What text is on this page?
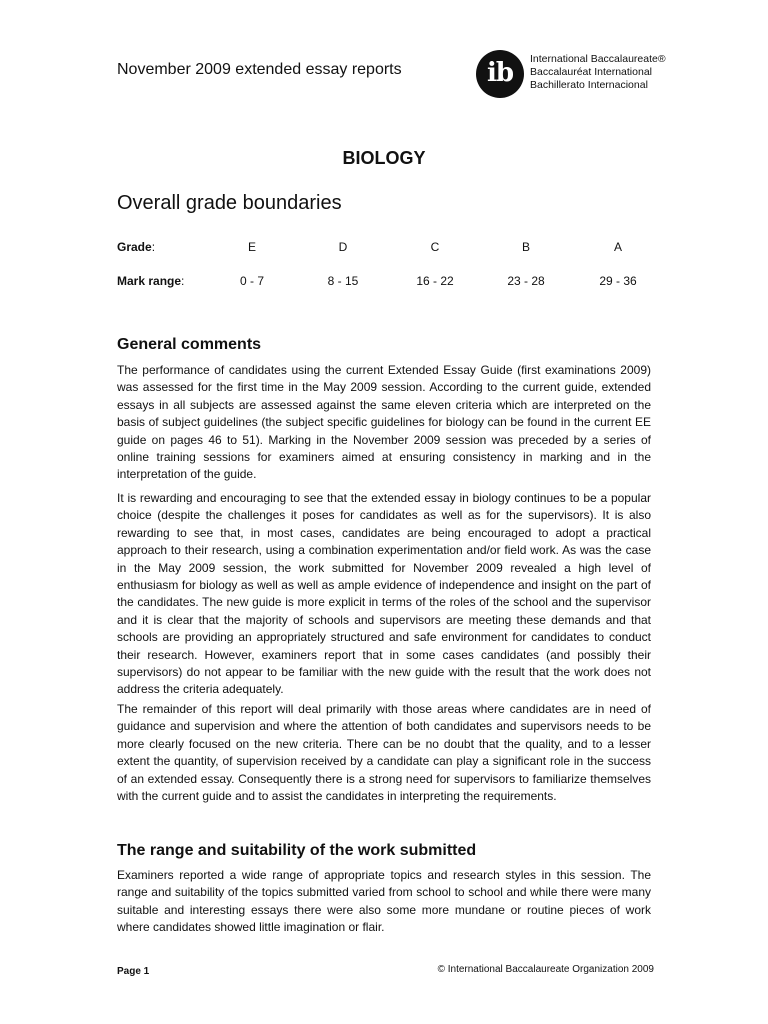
November 2009 extended essay reports	ib	International Baccalaureate®
Baccalauréat International
Bachillerato Internacional
BIOLOGY
Overall grade boundaries
Grade:	E	D	C	B	A
Mark range:	0 - 7	8 - 15	16 - 22	23 - 28	29 - 36
General comments

The performance of candidates using the current Extended Essay Guide (first examinations 2009) was assessed for the first time in the May 2009 session. According to the current guide, extended essays in all subjects are assessed against the same eleven criteria which are interpreted on the basis of subject guidelines (the subject specific guidelines for biology can be found in the current EE guide on pages 46 to 51). Marking in the November 2009 session was preceded by a series of online training sessions for examiners aimed at ensuring consistency in marking and in the interpretation of the guide.

It is rewarding and encouraging to see that the extended essay in biology continues to be a popular choice (despite the challenges it poses for candidates as well as for the supervisors). It is also rewarding to see that, in most cases, candidates are being encouraged to adopt a practical approach to their research, using a combination experimentation and/or field work. As was the case in the May 2009 session, the work submitted for November 2009 revealed a high level of enthusiasm for biology as well as well as ample evidence of independence and insight on the part of the candidates. The new guide is more explicit in terms of the roles of the school and the supervisor and it is clear that the majority of schools and supervisors are meeting these demands and that schools are providing an appropriately structured and safe environment for candidates to conduct their research. However, examiners report that in some cases candidates (and possibly their supervisors) do not appear to be familiar with the new guide with the result that the work does not address the criteria adequately.

The remainder of this report will deal primarily with those areas where candidates are in need of guidance and supervision and where the attention of both candidates and supervisors needs to be more clearly focused on the new criteria. There can be no doubt that the quality, and to a lesser extent the quantity, of supervision received by a candidate can play a significant role in the success of an extended essay. Consequently there is a strong need for supervisors to familiarize themselves with the current guide and to assist the candidates in interpreting the requirements.

The range and suitability of the work submitted

Examiners reported a wide range of appropriate topics and research styles in this session. The range and suitability of the topics submitted varied from school to school and while there were many suitable and interesting essays there were also some more mundane or routine pieces of work where candidates showed little imagination or flair.

Page 1	© International Baccalaureate Organization 2009
